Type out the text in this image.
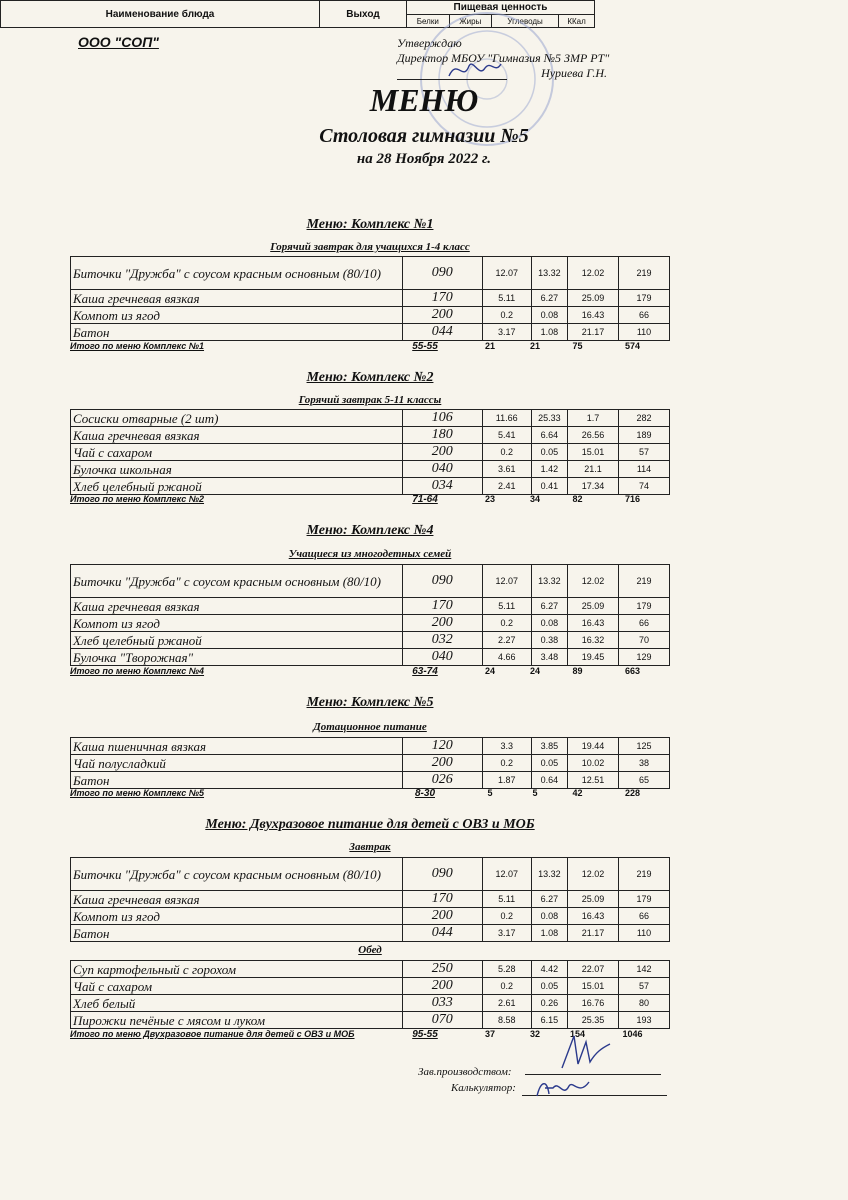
ООО "СОП"	Утверждаю
Директор МБОУ "Гимназия №5 ЗМР РТ"

Нуриева Г.Н.
МЕНЮ
Столовая гимназии №5
на 28 Ноября 2022 г.
Наименование блюда	Выход	Пищевая ценность			
		Белки	Жиры	Углеводы	ККал
Меню: Комплекс №1
Горячий завтрак для учащихся 1-4 класс
Биточки "Дружба" с соусом красным основным (80/10)	090	12.07	13.32	12.02	219
Каша гречневая вязкая	170	5.11	6.27	25.09	179
Компот из ягод	200	0.2	0.08	16.43	66
Батон	044	3.17	1.08	21.17	110
Итого по меню Комплекс №1	55-55	21	21	75	574
Меню: Комплекс №2
Горячий завтрак 5-11 классы
Сосиски отварные (2 шт)	106	11.66	25.33	1.7	282
Каша гречневая вязкая	180	5.41	6.64	26.56	189
Чай с сахаром	200	0.2	0.05	15.01	57
Булочка школьная	040	3.61	1.42	21.1	114
Хлеб целебный ржаной	034	2.41	0.41	17.34	74
Итого по меню Комплекс №2	71-64	23	34	82	716
Меню: Комплекс №4
Учащиеся из многодетных семей
Биточки "Дружба" с соусом красным основным (80/10)	090	12.07	13.32	12.02	219
Каша гречневая вязкая	170	5.11	6.27	25.09	179
Компот из ягод	200	0.2	0.08	16.43	66
Хлеб целебный ржаной	032	2.27	0.38	16.32	70
Булочка "Творожная"	040	4.66	3.48	19.45	129
Итого по меню Комплекс №4	63-74	24	24	89	663
Меню: Комплекс №5
Дотационное питание
Каша пшеничная вязкая	120	3.3	3.85	19.44	125
Чай полусладкий	200	0.2	0.05	10.02	38
Батон	026	1.87	0.64	12.51	65
Итого по меню Комплекс №5	8-30	5	5	42	228
Меню: Двухразовое питание для детей с ОВЗ и МОБ
Завтрак
Биточки "Дружба" с соусом красным основным (80/10)	090	12.07	13.32	12.02	219
Каша гречневая вязкая	170	5.11	6.27	25.09	179
Компот из ягод	200	0.2	0.08	16.43	66
Батон	044	3.17	1.08	21.17	110
Обед
Суп картофельный с горохом	250	5.28	4.42	22.07	142
Чай с сахаром	200	0.2	0.05	15.01	57
Хлеб белый	033	2.61	0.26	16.76	80
Пирожки печёные с мясом и луком	070	8.58	6.15	25.35	193
Итого по меню Двухразовое питание для детей с ОВЗ и МОБ	95-55	37	32	154	1046
Зав.производством:
Калькулятор:
